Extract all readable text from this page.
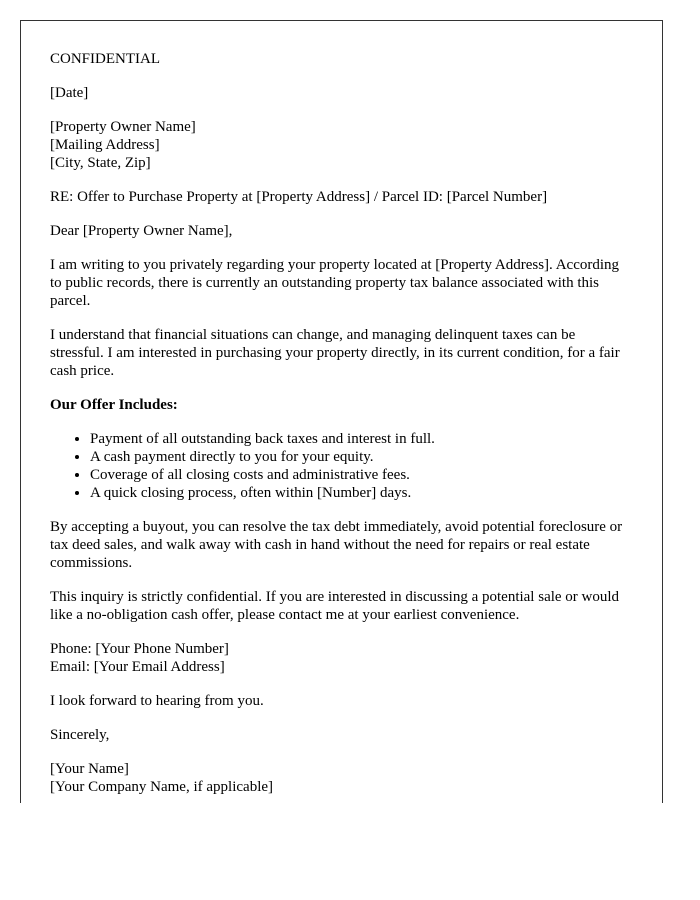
CONFIDENTIAL

[Date]

[Property Owner Name]
[Mailing Address]
[City, State, Zip]

RE: Offer to Purchase Property at [Property Address] / Parcel ID: [Parcel Number]

Dear [Property Owner Name],

I am writing to you privately regarding your property located at [Property Address]. According to public records, there is currently an outstanding property tax balance associated with this parcel.

I understand that financial situations can change, and managing delinquent taxes can be stressful. I am interested in purchasing your property directly, in its current condition, for a fair cash price.

Our Offer Includes:

• Payment of all outstanding back taxes and interest in full.
• A cash payment directly to you for your equity.
• Coverage of all closing costs and administrative fees.
• A quick closing process, often within [Number] days.

By accepting a buyout, you can resolve the tax debt immediately, avoid potential foreclosure or tax deed sales, and walk away with cash in hand without the need for repairs or real estate commissions.

This inquiry is strictly confidential. If you are interested in discussing a potential sale or would like a no-obligation cash offer, please contact me at your earliest convenience.

Phone: [Your Phone Number]
Email: [Your Email Address]

I look forward to hearing from you.

Sincerely,

[Your Name]
[Your Company Name, if applicable]
